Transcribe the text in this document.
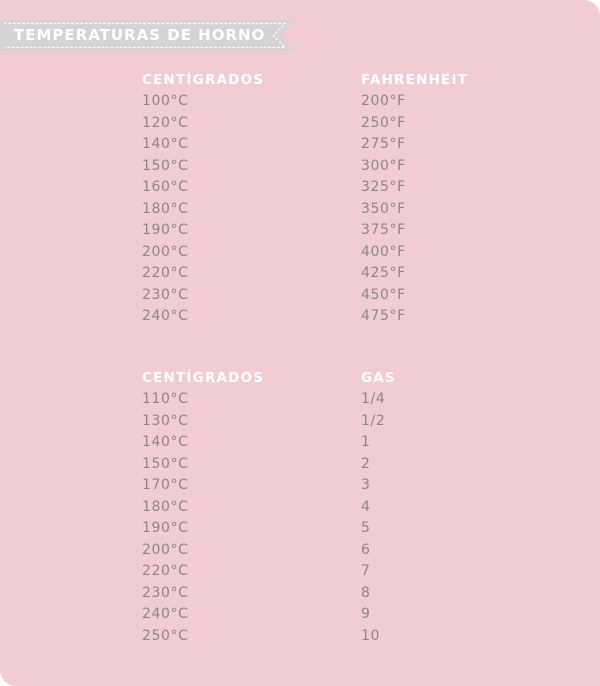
TEMPERATURAS DE HORNO
CENTÍGRADOS	FAHRENHEIT
100°C	200°F
120°C	250°F
140°C	275°F
150°C	300°F
160°C	325°F
180°C	350°F
190°C	375°F
200°C	400°F
220°C	425°F
230°C	450°F
240°C	475°F
CENTÍGRADOS	GAS
110°C	1/4
130°C	1/2
140°C	1
150°C	2
170°C	3
180°C	4
190°C	5
200°C	6
220°C	7
230°C	8
240°C	9
250°C	10
